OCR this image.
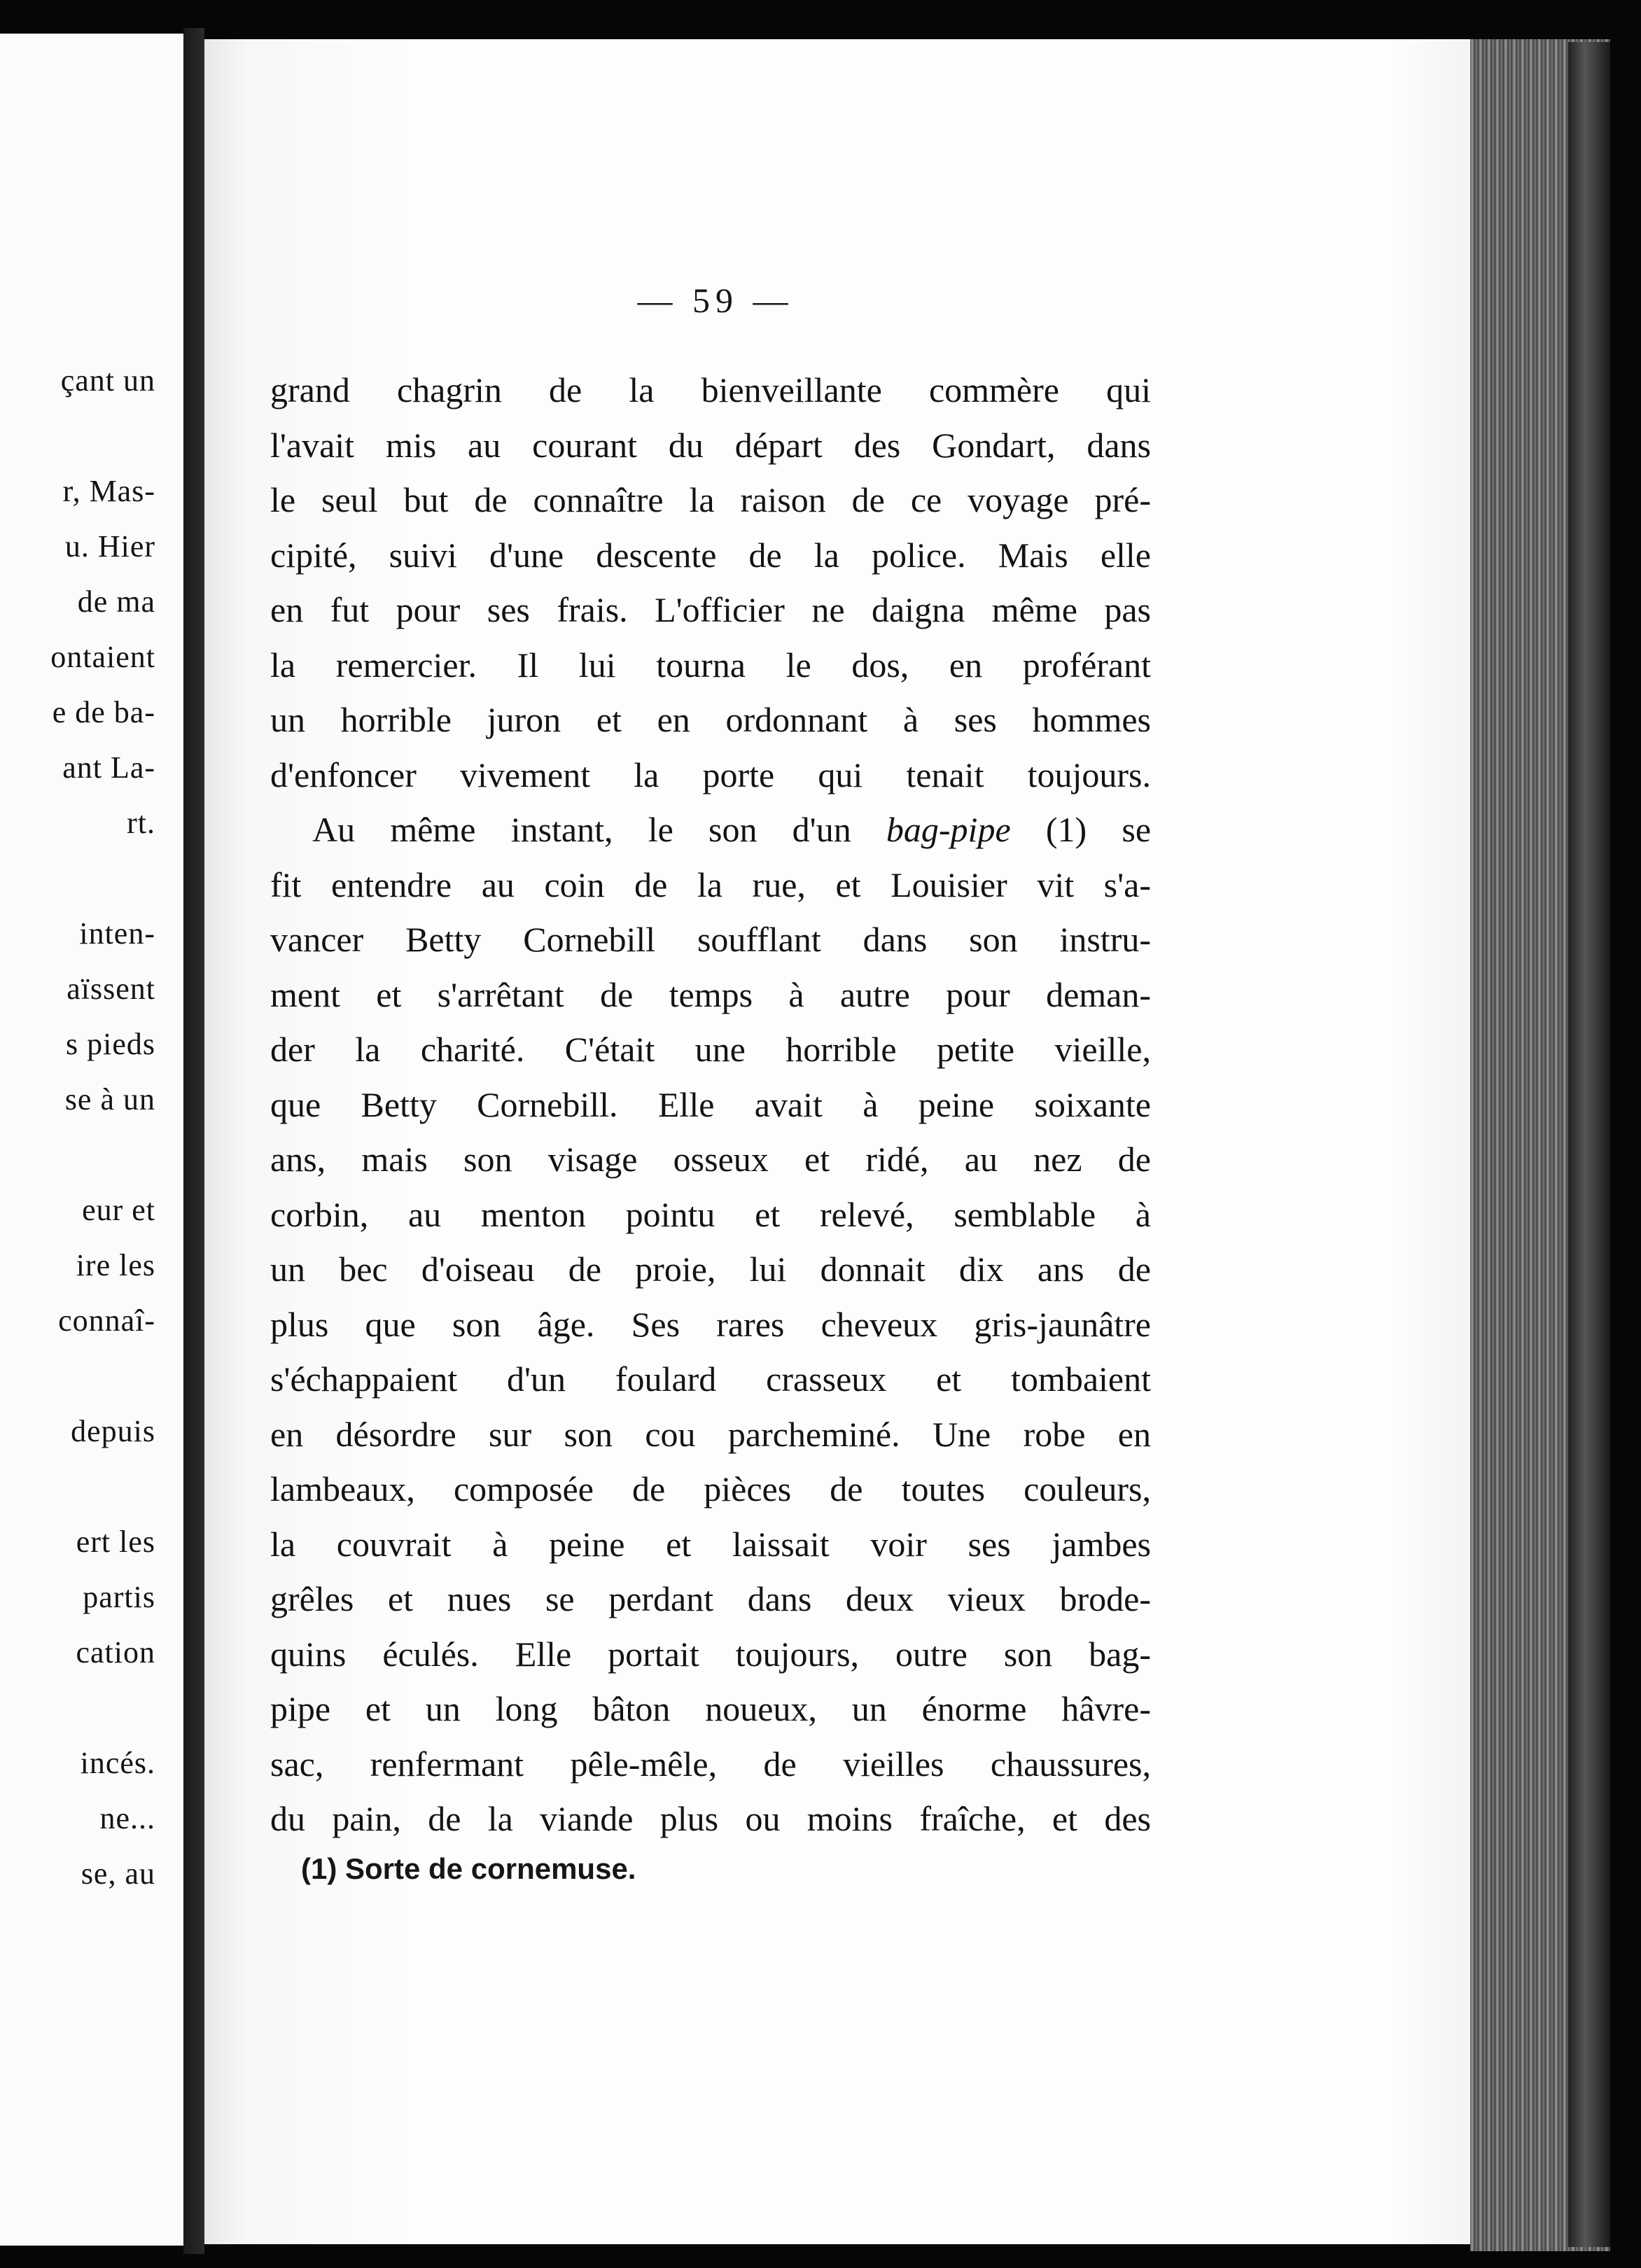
çant un
r, Mas-
u. Hier
de ma
ontaient
e de ba-
ant La-
rt.
inten-
aïssent
s pieds
se à un
eur et
ire les
connaî-
depuis
ert les
partis
cation
incés.
ne...
se, au
— 59 —
grand chagrin de la bienveillante commère qui
l'avait mis au courant du départ des Gondart, dans
le seul but de connaître la raison de ce voyage pré-
cipité, suivi d'une descente de la police. Mais elle
en fut pour ses frais. L'officier ne daigna même pas
la remercier. Il lui tourna le dos, en proférant
un horrible juron et en ordonnant à ses hommes
d'enfoncer vivement la porte qui tenait toujours.
Au même instant, le son d'un bag-pipe (1) se
fit entendre au coin de la rue, et Louisier vit s'a-
vancer Betty Cornebill soufflant dans son instru-
ment et s'arrêtant de temps à autre pour deman-
der la charité. C'était une horrible petite vieille,
que Betty Cornebill. Elle avait à peine soixante
ans, mais son visage osseux et ridé, au nez de
corbin, au menton pointu et relevé, semblable à
un bec d'oiseau de proie, lui donnait dix ans de
plus que son âge. Ses rares cheveux gris-jaunâtre
s'échappaient d'un foulard crasseux et tombaient
en désordre sur son cou parcheminé. Une robe en
lambeaux, composée de pièces de toutes couleurs,
la couvrait à peine et laissait voir ses jambes
grêles et nues se perdant dans deux vieux brode-
quins éculés. Elle portait toujours, outre son bag-
pipe et un long bâton noueux, un énorme hâvre-
sac, renfermant pêle-mêle, de vieilles chaussures,
du pain, de la viande plus ou moins fraîche, et des
(1) Sorte de cornemuse.
